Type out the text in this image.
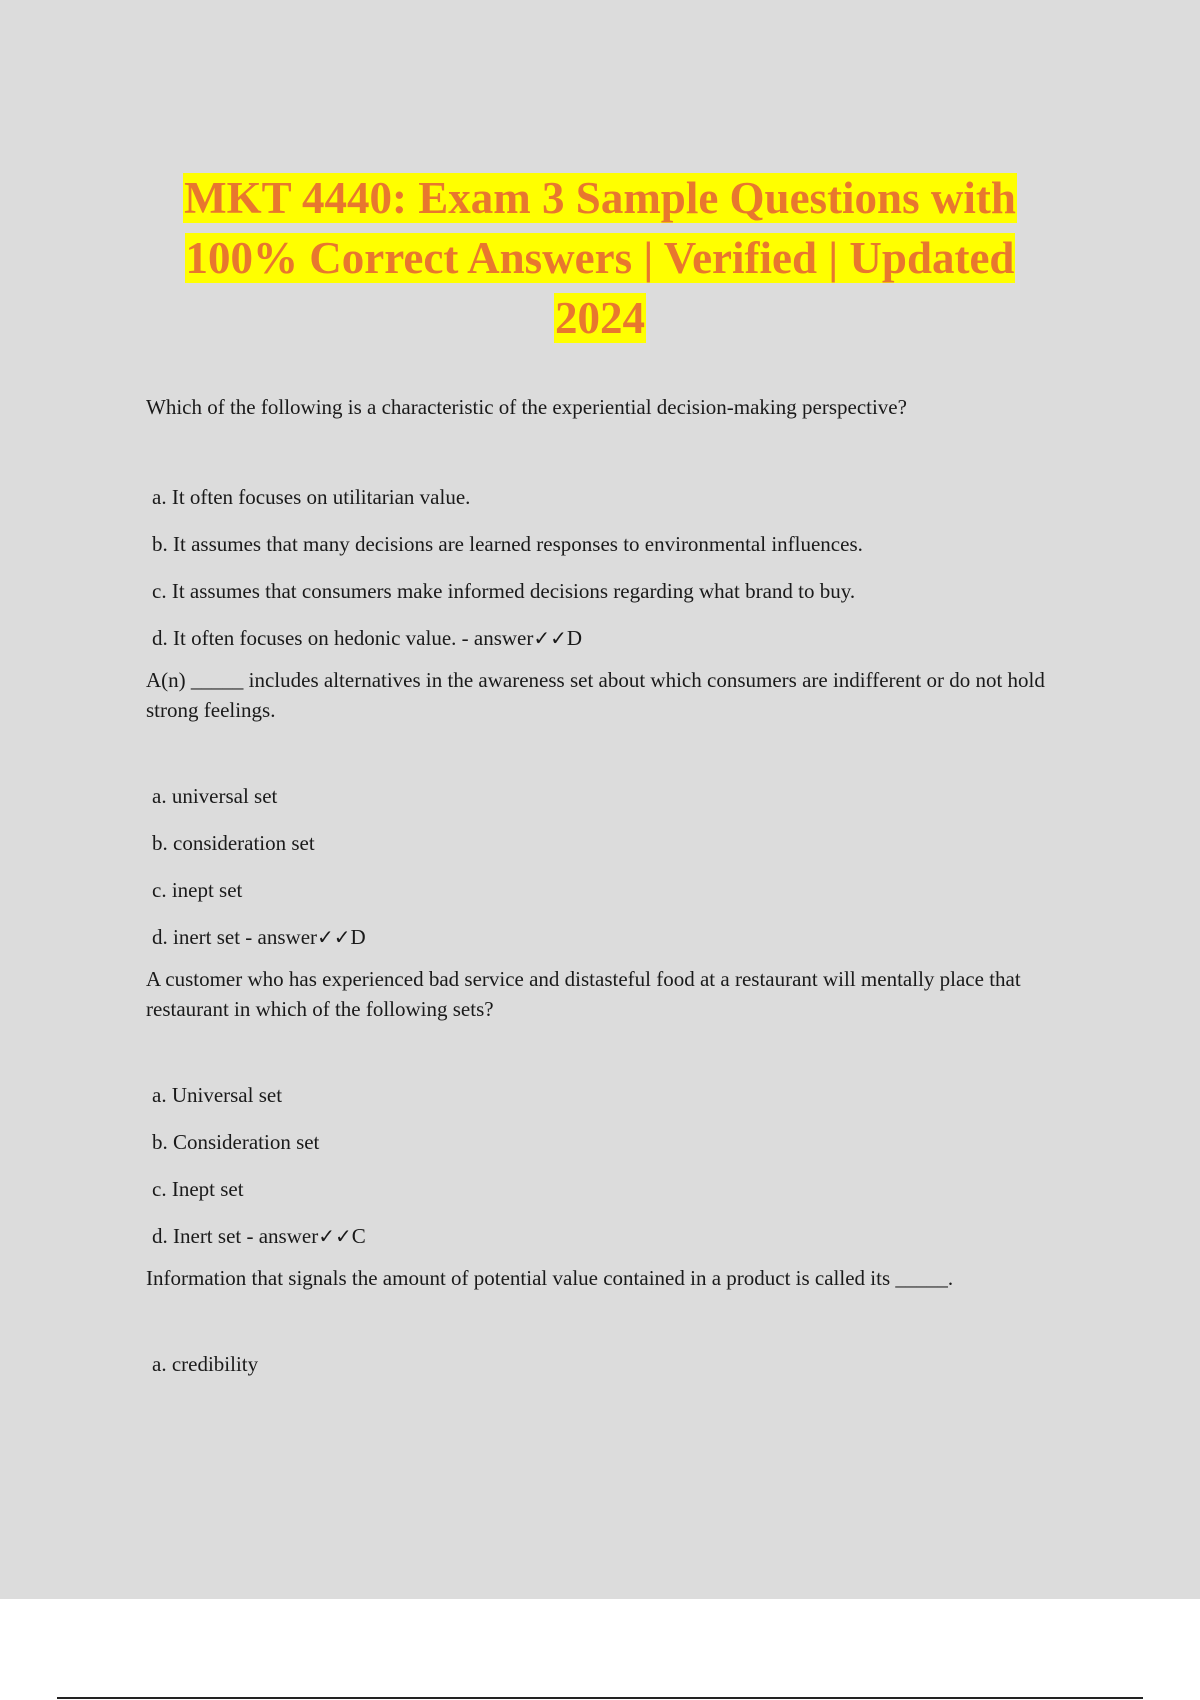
MKT 4440: Exam 3 Sample Questions with
100% Correct Answers | Verified | Updated
2024

Which of the following is a characteristic of the experiential decision-making perspective?

a. It often focuses on utilitarian value.

b. It assumes that many decisions are learned responses to environmental influences.

c. It assumes that consumers make informed decisions regarding what brand to buy.

d. It often focuses on hedonic value. - answer✓✓D

A(n) _____ includes alternatives in the awareness set about which consumers are indifferent or do not hold strong feelings.

a. universal set

b. consideration set

c. inept set

d. inert set - answer✓✓D

A customer who has experienced bad service and distasteful food at a restaurant will mentally place that restaurant in which of the following sets?

a. Universal set

b. Consideration set

c. Inept set

d. Inert set - answer✓✓C

Information that signals the amount of potential value contained in a product is called its _____.

a. credibility
